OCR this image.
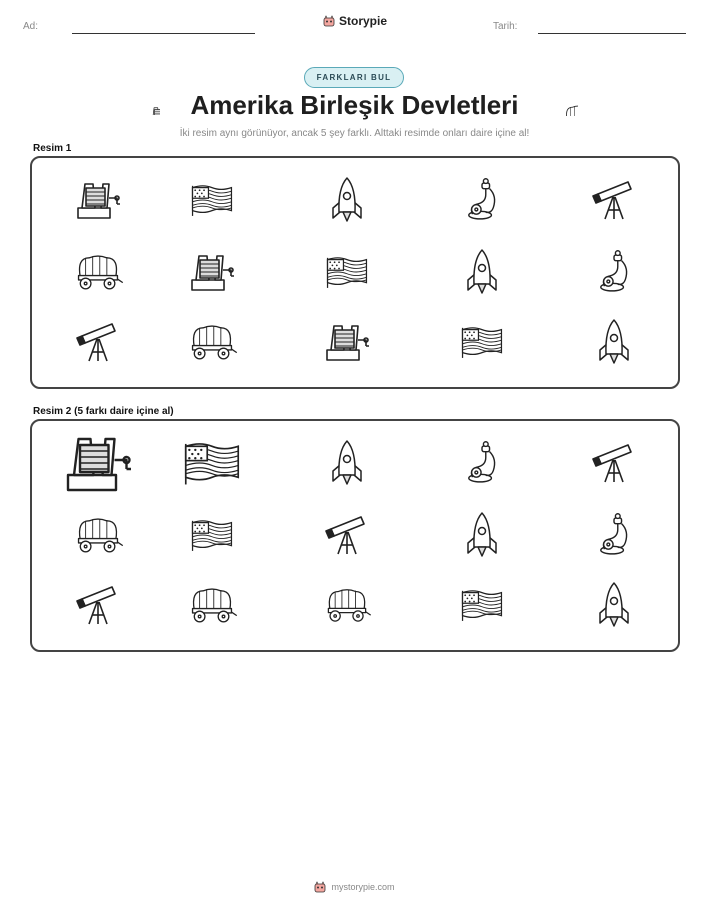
Ad:	Storypie	Tarih:
FARKLARI BUL
Amerika Birleşik Devletleri
İki resim aynı görünüyor, ancak 5 şey farklı. Alttaki resimde onları daire içine al!
Resim 1
Resim 2 (5 farkı daire içine al)
mystorypie.com
